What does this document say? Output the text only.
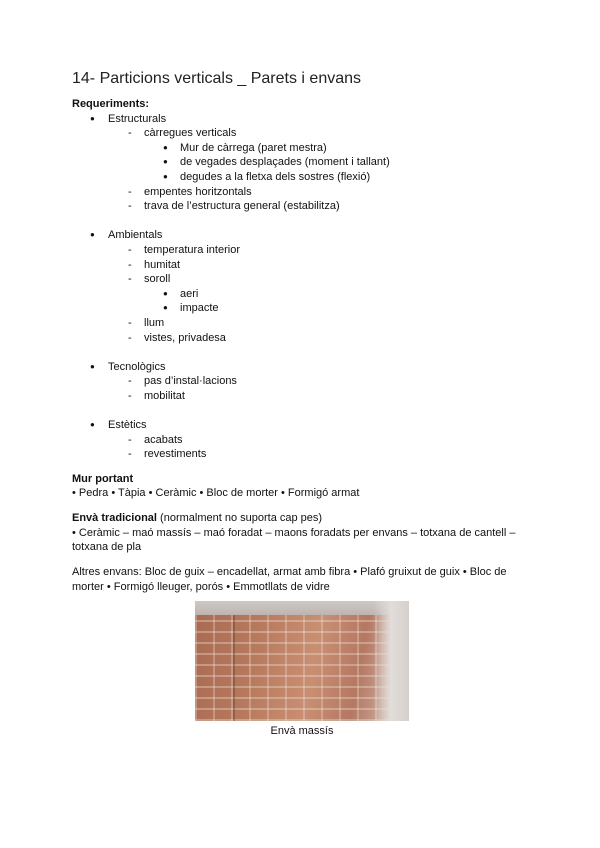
14- Particions verticals _ Parets i envans
Requeriments:
● Estructurals
- càrregues verticals
● Mur de càrrega (paret mestra)
● de vegades desplaçades (moment i tallant)
● degudes a la fletxa dels sostres (flexió)
- empentes horitzontals
- trava de l’estructura general (estabilitza)
● Ambientals
- temperatura interior
- humitat
- soroll
● aeri
● impacte
- llum
- vistes, privadesa
● Tecnològics
- pas d’instal·lacions
- mobilitat
● Estètics
- acabats
- revestiments
Mur portant
• Pedra • Tàpia • Ceràmic • Bloc de morter • Formigó armat
Envà tradicional (normalment no suporta cap pes)
• Ceràmic – maó massís – maó foradat – maons foradats per envans – totxana de cantell –
totxana de pla
Altres envans: Bloc de guix – encadellat, armat amb fibra • Plafó gruixut de guix • Bloc de
morter • Formigó lleuger, porós • Emmotllats de vidre
Envà massís
